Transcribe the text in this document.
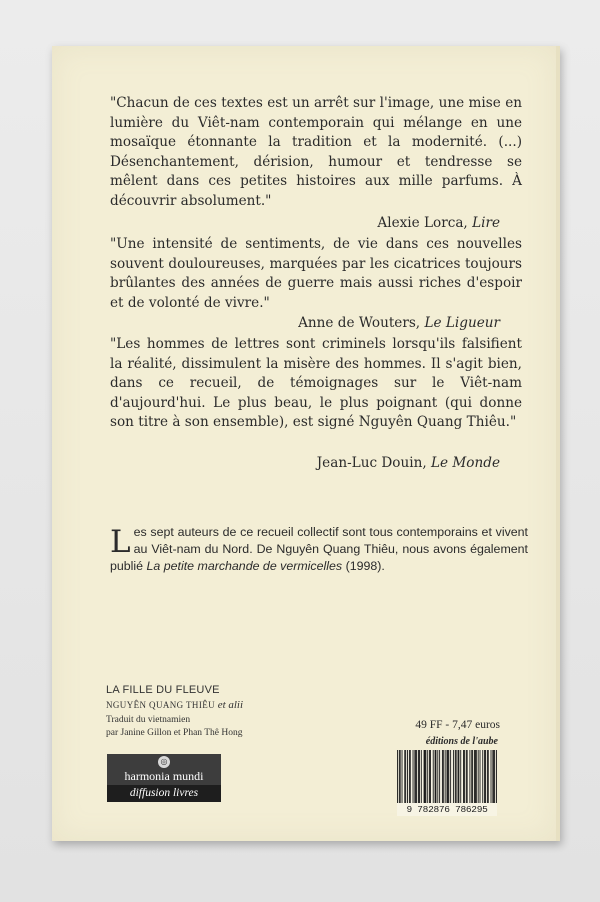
"Chacun de ces textes est un arrêt sur l'image, une mise en lumière du Viêt-nam contemporain qui mélange en une mosaïque étonnante la tradition et la modernité. (...) Désenchantement, dérision, humour et tendresse se mêlent dans ces petites histoires aux mille parfums. À découvrir absolument."
Alexie Lorca, Lire
"Une intensité de sentiments, de vie dans ces nouvelles souvent douloureuses, marquées par les cicatrices toujours brûlantes des années de guerre mais aussi riches d'espoir et de volonté de vivre."
Anne de Wouters, Le Ligueur
"Les hommes de lettres sont criminels lorsqu'ils falsifient la réalité, dissimulent la misère des hommes. Il s'agit bien, dans ce recueil, de témoignages sur le Viêt-nam d'aujourd'hui. Le plus beau, le plus poignant (qui donne son titre à son ensemble), est signé Nguyên Quang Thiêu."
Jean-Luc Douin, Le Monde
Les sept auteurs de ce recueil collectif sont tous contemporains et vivent au Viêt-nam du Nord. De Nguyên Quang Thiêu, nous avons également publié La petite marchande de vermicelles (1998).
LA FILLE DU FLEUVE
NGUYÊN QUANG THIÊU et alii
Traduit du vietnamien
par Janine Gillon et Phan Thê Hong
◎
harmonia mundi
diffusion livres
49 FF - 7,47 euros
éditions de l'aube
9 782876 786295
